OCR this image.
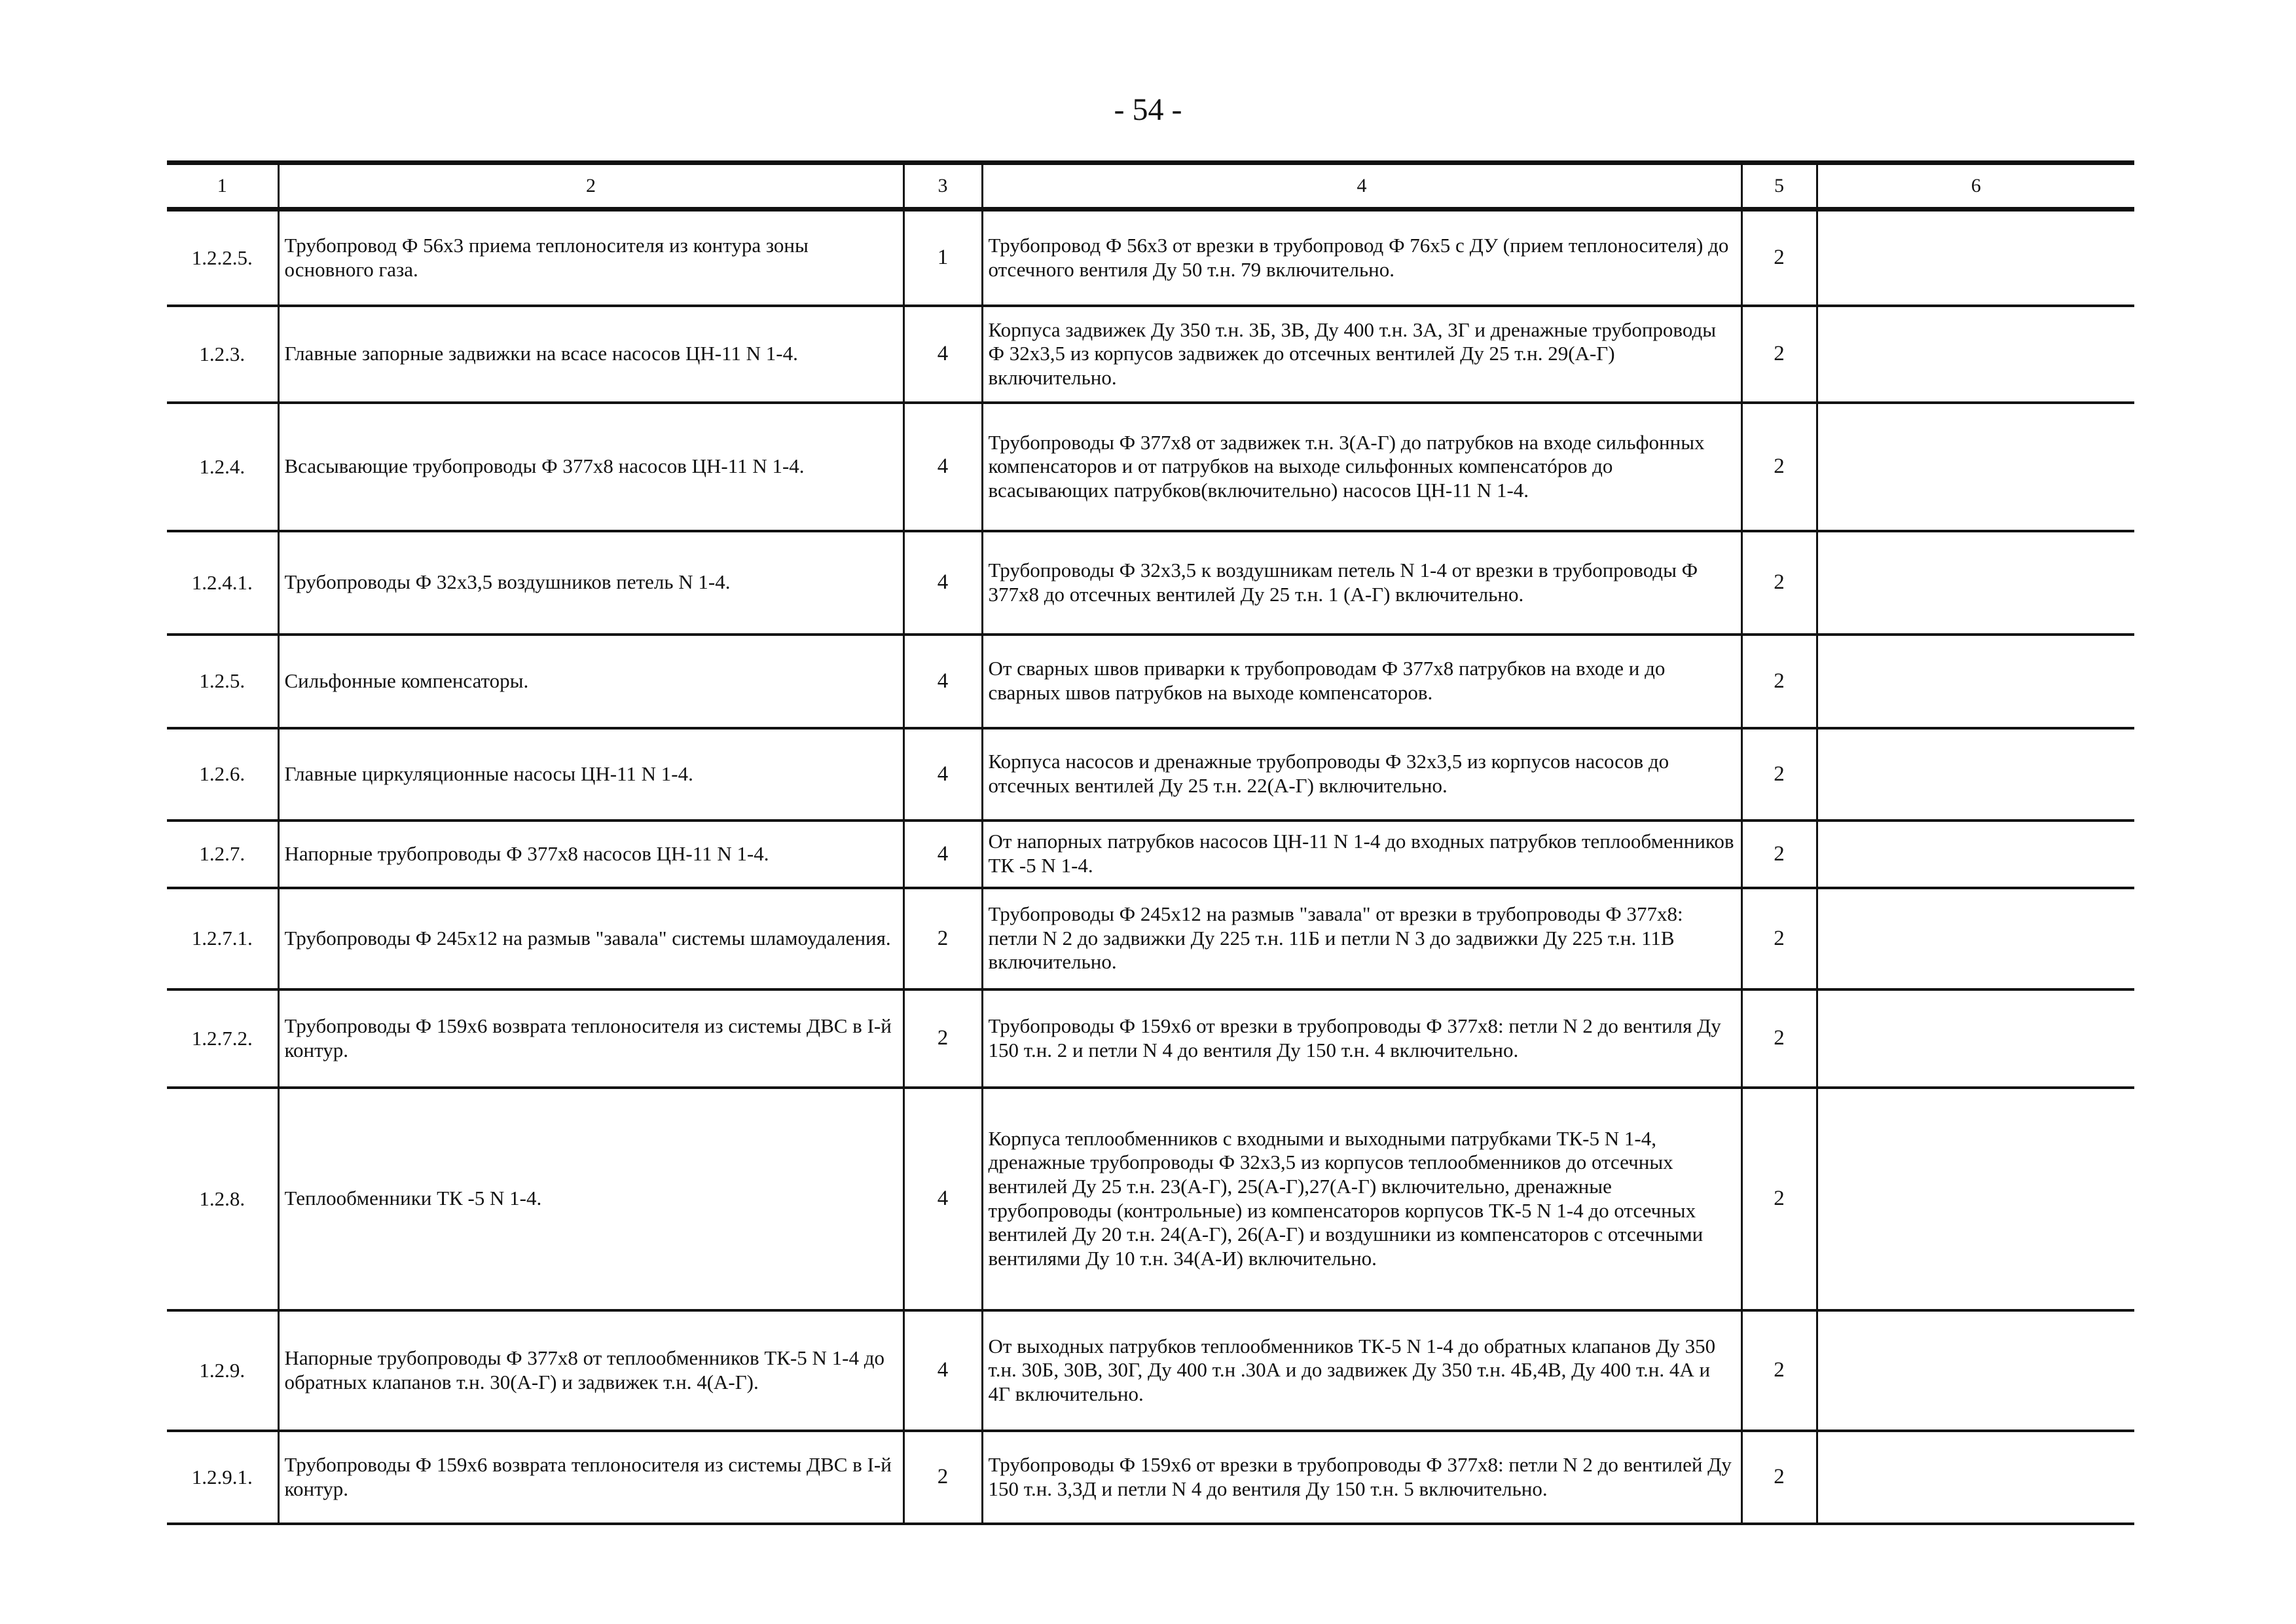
- 54 -
1	2	3	4	5	6
1.2.2.5.	Трубопровод Ф 56х3 приема теплоносителя из контура зоны основного газа.	1	Трубопровод Ф 56х3 от врезки в трубопровод Ф 76х5 с ДУ (прием теплоносителя) до отсечного вентиля Ду 50 т.н. 79 включительно.	2	
1.2.3.	Главные запорные задвижки на всасе насосов ЦН-11 N 1-4.	4	Корпуса задвижек Ду 350 т.н. 3Б, 3В, Ду 400 т.н. 3А, 3Г и дренажные трубопроводы Ф 32х3,5 из корпусов задвижек до отсечных вентилей Ду 25 т.н. 29(А-Г) включительно.	2	
1.2.4.	Всасывающие трубопроводы Ф 377х8 насосов ЦН-11 N 1-4.	4	Трубопроводы Ф 377х8 от задвижек т.н. 3(А-Г) до патрубков на входе сильфонных компенсаторов и от патрубков на выходе сильфонных компенсатóров до всасывающих патрубков(включительно) насосов ЦН-11 N 1-4.	2	
1.2.4.1.	Трубопроводы Ф 32х3,5 воздушников петель N 1-4.	4	Трубопроводы Ф 32х3,5 к воздушникам петель N 1-4 от врезки в трубопроводы Ф 377х8 до отсечных вентилей Ду 25 т.н. 1 (А-Г) включительно.	2	
1.2.5.	Сильфонные компенсаторы.	4	От сварных швов приварки к трубопроводам Ф 377х8 патрубков на входе и до сварных швов патрубков на выходе компенсаторов.	2	
1.2.6.	Главные циркуляционные насосы ЦН-11 N 1-4.	4	Корпуса насосов и дренажные трубопроводы Ф 32х3,5 из корпусов насосов до отсечных вентилей Ду 25 т.н. 22(А-Г) включительно.	2	
1.2.7.	Напорные трубопроводы Ф 377х8 насосов ЦН-11 N 1-4.	4	От напорных патрубков насосов ЦН-11 N 1-4 до входных патрубков теплообменников ТК -5 N 1-4.	2	
1.2.7.1.	Трубопроводы Ф 245х12 на размыв "завала" системы шламоудаления.	2	Трубопроводы Ф 245х12 на размыв "завала" от врезки в трубопроводы Ф 377х8: петли N 2 до задвижки Ду 225 т.н. 11Б и петли N 3 до задвижки Ду 225 т.н. 11В включительно.	2	
1.2.7.2.	Трубопроводы Ф 159х6 возврата теплоносителя из системы ДВС в I-й контур.	2	Трубопроводы Ф 159х6 от врезки в трубопроводы Ф 377х8: петли N 2 до вентиля Ду 150 т.н. 2 и петли N 4 до вентиля Ду 150 т.н. 4 включительно.	2	
1.2.8.	Теплообменники ТК -5 N 1-4.	4	Корпуса теплообменников с входными и выходными патрубками ТК-5 N 1-4, дренажные трубопроводы Ф 32х3,5 из корпусов теплообменников до отсечных вентилей Ду 25 т.н. 23(А-Г), 25(А-Г),27(А-Г) включительно, дренажные трубопроводы (контрольные) из компенсаторов корпусов ТК-5 N 1-4 до отсечных вентилей Ду 20 т.н. 24(А-Г), 26(А-Г) и воздушники из компенсаторов с отсечными вентилями Ду 10 т.н. 34(А-И) включительно.	2	
1.2.9.	Напорные трубопроводы Ф 377х8 от теплообменников ТК-5 N 1-4 до обратных клапанов т.н. 30(А-Г) и задвижек т.н. 4(А-Г).	4	От выходных патрубков теплообменников ТК-5 N 1-4 до обратных клапанов Ду 350 т.н. 30Б, 30В, 30Г, Ду 400 т.н .30А и до задвижек Ду 350 т.н. 4Б,4В, Ду 400 т.н. 4А и 4Г включительно.	2	
1.2.9.1.	Трубопроводы Ф 159х6 возврата теплоносителя из системы ДВС в I-й контур.	2	Трубопроводы Ф 159х6 от врезки в трубопроводы Ф 377х8: петли N 2 до вентилей Ду 150 т.н. 3,3Д и петли N 4 до вентиля Ду 150 т.н. 5 включительно.	2	
